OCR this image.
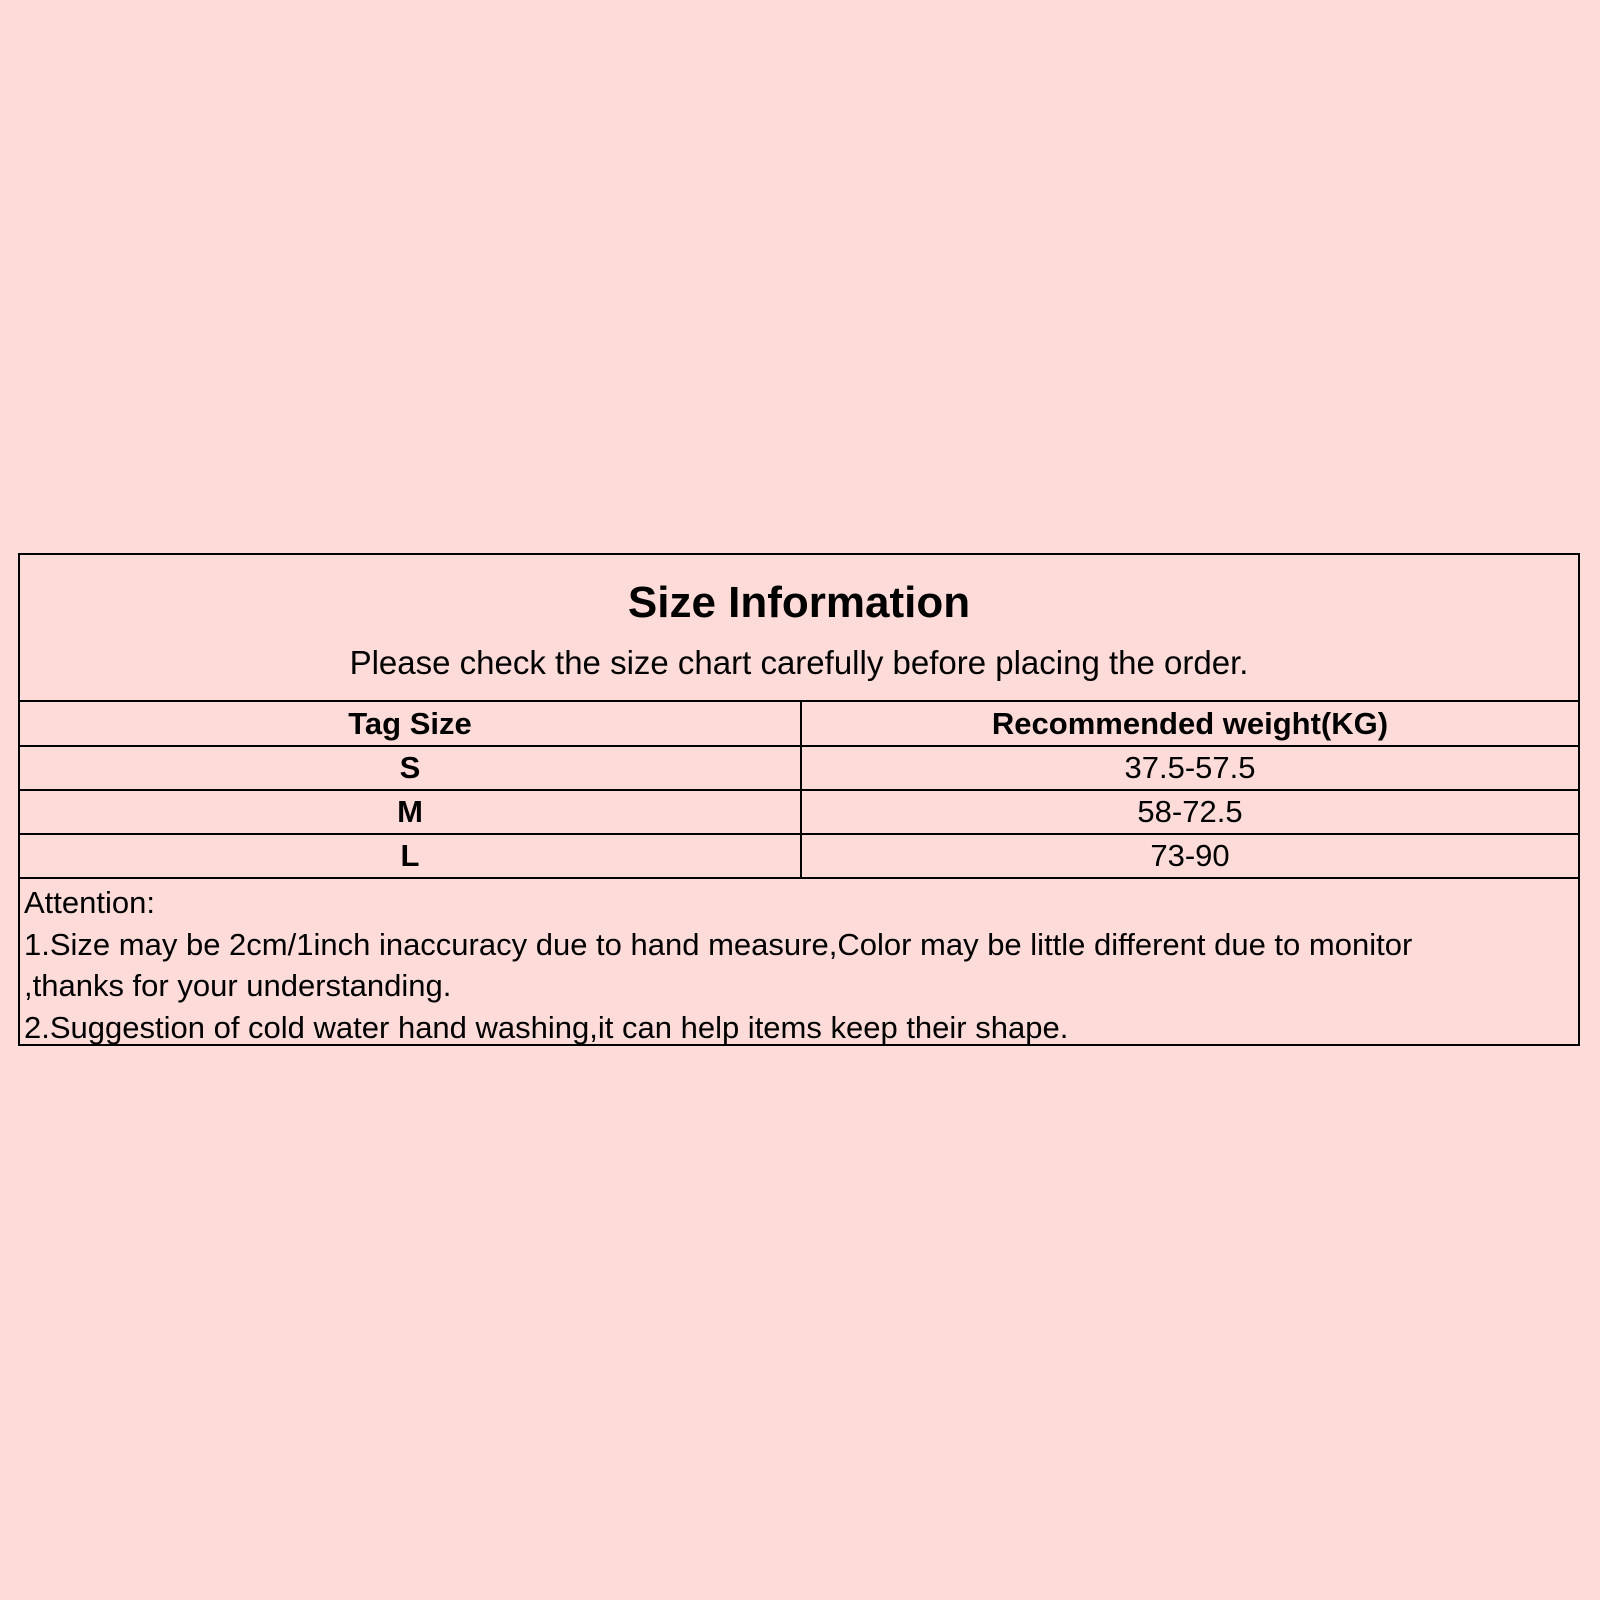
Size Information
Please check the size chart carefully before placing the order.
Tag Size	Recommended weight(KG)
S	37.5-57.5
M	58-72.5
L	73-90
Attention:
1.Size may be 2cm/1inch inaccuracy due to hand measure,Color may be little different due to monitor
,thanks for your understanding.
2.Suggestion of cold water hand washing,it can help items keep their shape.
